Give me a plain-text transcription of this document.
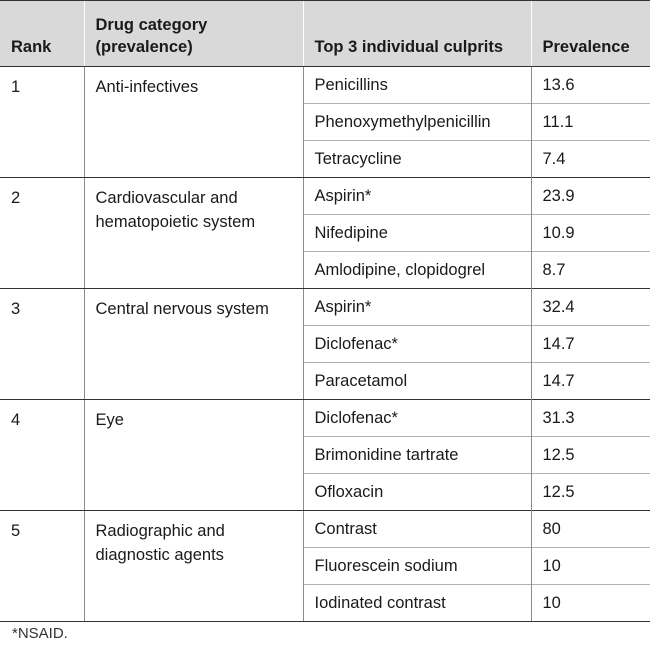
Rank	Drug category (prevalence)	Top 3 individual culprits	Prevalence
1	Anti-infectives	Penicillins	13.6
		Phenoxymethylpenicillin	11.1
		Tetracycline	7.4
2	Cardiovascular and hematopoietic system	Aspirin*	23.9
		Nifedipine	10.9
		Amlodipine, clopidogrel	8.7
3	Central nervous system	Aspirin*	32.4
		Diclofenac*	14.7
		Paracetamol	14.7
4	Eye	Diclofenac*	31.3
		Brimonidine tartrate	12.5
		Ofloxacin	12.5
5	Radiographic and diagnostic agents	Contrast	80
		Fluorescein sodium	10
		Iodinated contrast	10
*NSAID.
